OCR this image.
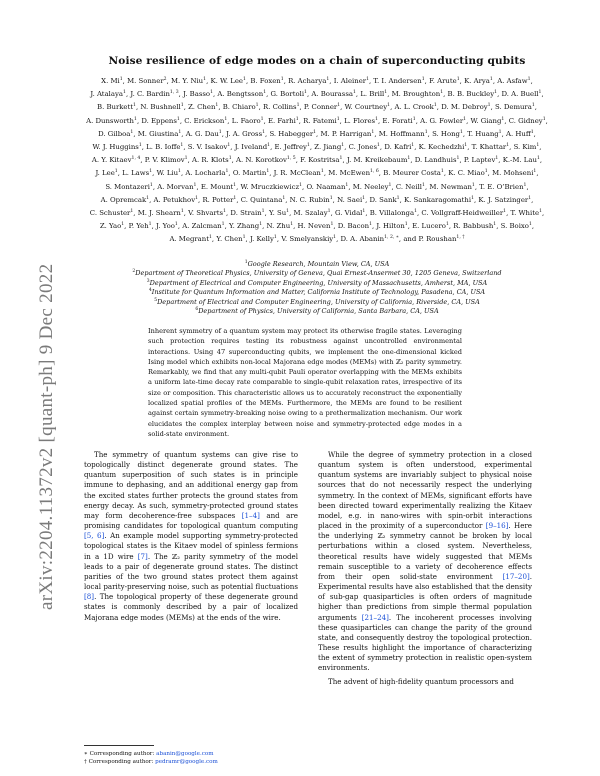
arXiv:2204.11372v2 [quant-ph] 9 Dec 2022
Noise resilience of edge modes on a chain of superconducting qubits
X. Mi$^1$, M. Sonner$^2$, M. Y. Niu$^1$, K. W. Lee$^1$, B. Foxen$^1$, R. Acharya$^1$, I. Aleiner$^1$, T. I. Andersen$^1$, F. Arute$^1$, K. Arya$^1$, A. Asfaw$^1$, J. Atalaya$^1$, J. C. Bardin$^{1, 3}$, J. Basso$^1$, A. Bengtsson$^1$, G. Bortoli$^1$, A. Bourassa$^1$, L. Brill$^1$, M. Broughton$^1$, B. B. Buckley$^1$, D. A. Buell$^1$, B. Burkett$^1$, N. Bushnell$^1$, Z. Chen$^1$, B. Chiaro$^1$, R. Collins$^1$, P. Conner$^1$, W. Courtney$^1$, A. L. Crook$^1$, D. M. Debroy$^1$, S. Demura$^1$, A. Dunsworth$^1$, D. Eppens$^1$, C. Erickson$^1$, L. Faoro$^1$, E. Farhi$^1$, R. Fatemi$^1$, L. Flores$^1$, E. Forati$^1$, A. G. Fowler$^1$, W. Giang$^1$, C. Gidney$^1$, D. Gilboa$^1$, M. Giustina$^1$, A. G. Dau$^1$, J. A. Gross$^1$, S. Habegger$^1$, M. P. Harrigan$^1$, M. Hoffmann$^1$, S. Hong$^1$, T. Huang$^1$, A. Huff$^1$, W. J. Huggins$^1$, L. B. Ioffe$^1$, S. V. Isakov$^1$, J. Iveland$^1$, E. Jeffrey$^1$, Z. Jiang$^1$, C. Jones$^1$, D. Kafri$^1$, K. Kechedzhi$^1$, T. Khattar$^1$, S. Kim$^1$, A. Y. Kitaev$^{1, 4}$, P. V. Klimov$^1$, A. R. Klots$^1$, A. N. Korotkov$^{1, 5}$, F. Kostritsa$^1$, J. M. Kreikebaum$^1$, D. Landhuis$^1$, P. Laptev$^1$, K.-M. Lau$^1$, J. Lee$^1$, L. Laws$^1$, W. Liu$^1$, A. Locharla$^1$, O. Martin$^1$, J. R. McClean$^1$, M. McEwen$^{1, 6}$, B. Meurer Costa$^1$, K. C. Miao$^1$, M. Mohseni$^1$, S. Montazeri$^1$, A. Morvan$^1$, E. Mount$^1$, W. Mruczkiewicz$^1$, O. Naaman$^1$, M. Neeley$^1$, C. Neill$^1$, M. Newman$^1$, T. E. O’Brien$^1$, A. Opremcak$^1$, A. Petukhov$^1$, R. Potter$^1$, C. Quintana$^1$, N. C. Rubin$^1$, N. Saei$^1$, D. Sank$^1$, K. Sankaragomathi$^1$, K. J. Satzinger$^1$, C. Schuster$^1$, M. J. Shearn$^1$, V. Shvarts$^1$, D. Strain$^1$, Y. Su$^1$, M. Szalay$^1$, G. Vidal$^1$, B. Villalonga$^1$, C. Vollgraff-Heidweiller$^1$, T. White$^1$, Z. Yao$^1$, P. Yeh$^1$, J. Yoo$^1$, A. Zalcman$^1$, Y. Zhang$^1$, N. Zhu$^1$, H. Neven$^1$, D. Bacon$^1$, J. Hilton$^1$, E. Lucero$^1$, R. Babbush$^1$, S. Boixo$^1$, A. Megrant$^1$, Y. Chen$^1$, J. Kelly$^1$, V. Smelyanskiy$^1$, D. A. Abanin$^{1, 2, ∗}$, and P. Roushan$^{1, \dagger}$
$^1$Google Research, Mountain View, CA, USA
$^2$Department of Theoretical Physics, University of Geneva, Quai Ernest-Ansermet 30, 1205 Geneva, Switzerland
$^3$Department of Electrical and Computer Engineering, University of Massachusetts, Amherst, MA, USA
$^4$Institute for Quantum Information and Matter, California Institute of Technology, Pasadena, CA, USA
$^5$Department of Electrical and Computer Engineering, University of California, Riverside, CA, USA
$^6$Department of Physics, University of California, Santa Barbara, CA, USA
Inherent symmetry of a quantum system may protect its otherwise fragile states. Leveraging such protection requires testing its robustness against uncontrolled environmental interactions. Using 47 superconducting qubits, we implement the one-dimensional kicked Ising model which exhibits non-local Majorana edge modes (MEMs) with ℤ₂ parity symmetry. Remarkably, we find that any multi-qubit Pauli operator overlapping with the MEMs exhibits a uniform late-time decay rate comparable to single-qubit relaxation rates, irrespective of its size or composition. This characteristic allows us to accurately reconstruct the exponentially localized spatial profiles of the MEMs. Furthermore, the MEMs are found to be resilient against certain symmetry-breaking noise owing to a prethermalization mechanism. Our work elucidates the complex interplay between noise and symmetry-protected edge modes in a solid-state environment.

The symmetry of quantum systems can give rise to topologically distinct degenerate ground states. The quantum superposition of such states is in principle immune to dephasing, and an additional energy gap from the excited states further protects the ground states from energy decay. As such, symmetry-protected ground states may form decoherence-free subspaces [1–4] and are promising candidates for topological quantum computing [5, 6]. An example model supporting symmetry-protected topological states is the Kitaev model of spinless fermions in a 1D wire [7]. The ℤ₂ parity symmetry of the model leads to a pair of degenerate ground states. The distinct parities of the two ground states protect them against local parity-preserving noise, such as potential fluctuations [8]. The topological property of these degenerate ground states is commonly described by a pair of localized Majorana edge modes (MEMs) at the ends of the wire.

While the degree of symmetry protection in a closed quantum system is often understood, experimental quantum systems are invariably subject to physical noise sources that do not necessarily respect the underlying symmetry. In the context of MEMs, significant efforts have been directed toward experimentally realizing the Kitaev model, e.g. in nano-wires with spin-orbit interactions placed in the proximity of a superconductor [9–16]. Here the underlying ℤ₂ symmetry cannot be broken by local perturbations within a closed system. Nevertheless, theoretical results have widely suggested that MEMs remain susceptible to a variety of decoherence effects from their open solid-state environment [17–20]. Experimental results have also established that the density of sub-gap quasiparticles is often orders of magnitude higher than predictions from simple thermal population arguments [21–24]. The incoherent processes involving these quasiparticles can change the parity of the ground state, and consequently destroy the topological protection. These results highlight the importance of characterizing the extent of symmetry protection in realistic open-system environments.

The advent of high-fidelity quantum processors and

∗ Corresponding author: abanin@google.com
† Corresponding author: pedramr@google.com
